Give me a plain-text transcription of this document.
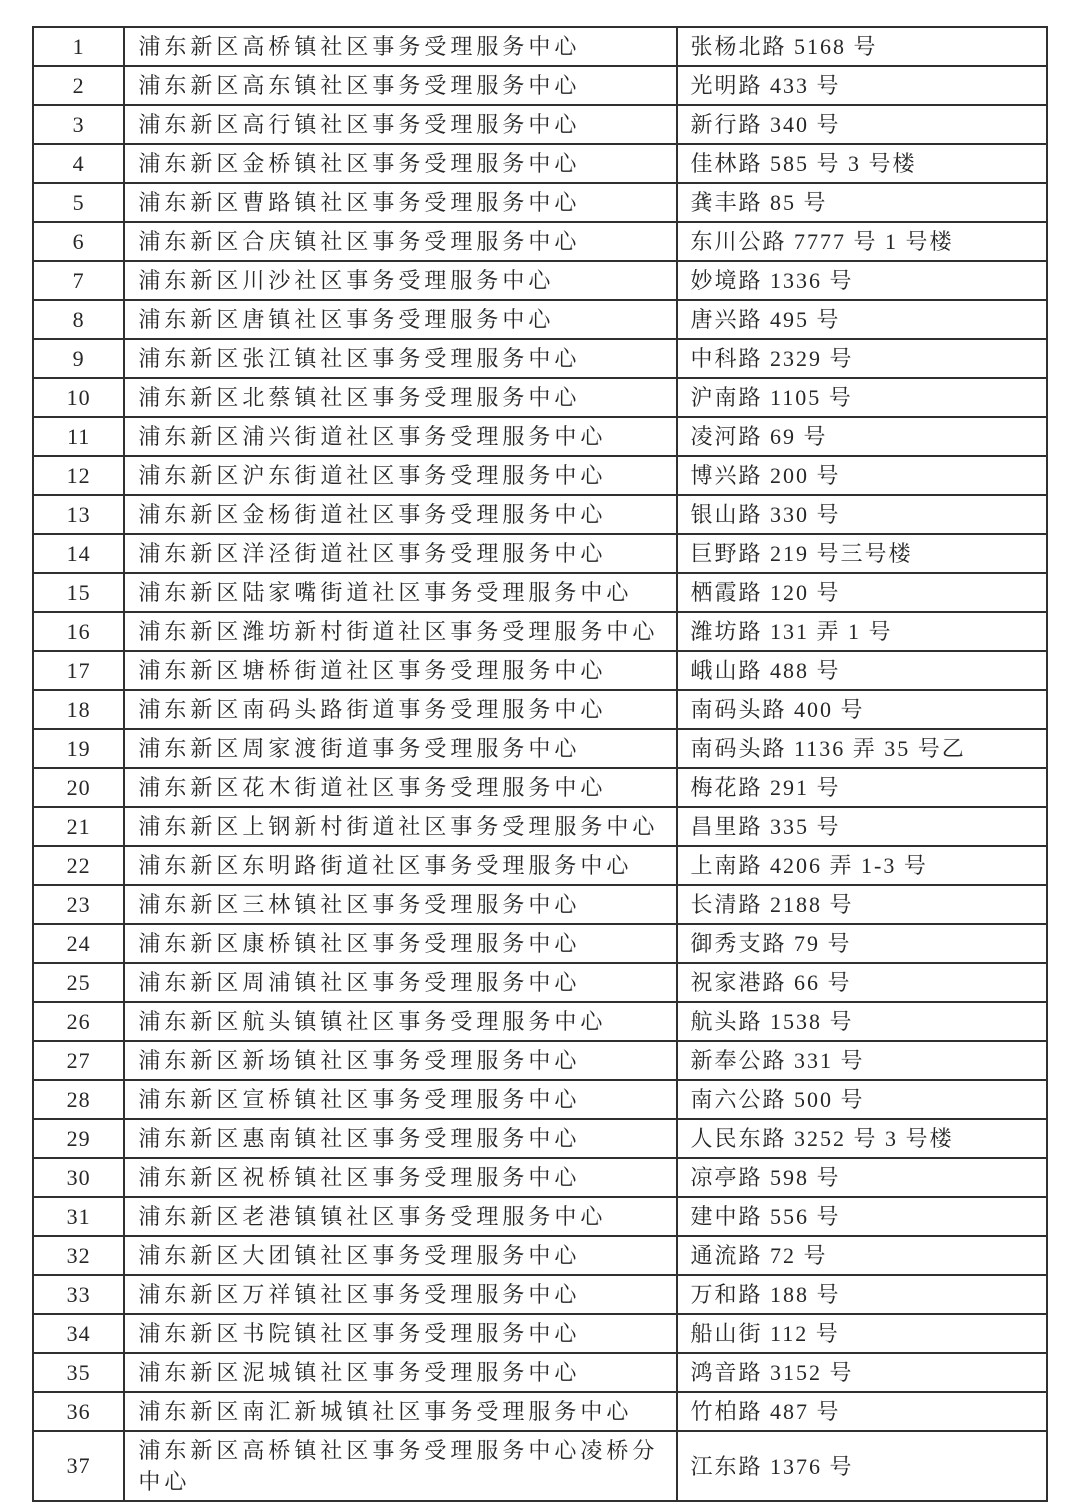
1	浦东新区高桥镇社区事务受理服务中心	张杨北路 5168 号
2	浦东新区高东镇社区事务受理服务中心	光明路 433 号
3	浦东新区高行镇社区事务受理服务中心	新行路 340 号
4	浦东新区金桥镇社区事务受理服务中心	佳林路 585 号 3 号楼
5	浦东新区曹路镇社区事务受理服务中心	龚丰路 85 号
6	浦东新区合庆镇社区事务受理服务中心	东川公路 7777 号 1 号楼
7	浦东新区川沙社区事务受理服务中心	妙境路 1336 号
8	浦东新区唐镇社区事务受理服务中心	唐兴路 495 号
9	浦东新区张江镇社区事务受理服务中心	中科路 2329 号
10	浦东新区北蔡镇社区事务受理服务中心	沪南路 1105 号
11	浦东新区浦兴街道社区事务受理服务中心	凌河路 69 号
12	浦东新区沪东街道社区事务受理服务中心	博兴路 200 号
13	浦东新区金杨街道社区事务受理服务中心	银山路 330 号
14	浦东新区洋泾街道社区事务受理服务中心	巨野路 219 号三号楼
15	浦东新区陆家嘴街道社区事务受理服务中心	栖霞路 120 号
16	浦东新区潍坊新村街道社区事务受理服务中心	潍坊路 131 弄 1 号
17	浦东新区塘桥街道社区事务受理服务中心	峨山路 488 号
18	浦东新区南码头路街道事务受理服务中心	南码头路 400 号
19	浦东新区周家渡街道事务受理服务中心	南码头路 1136 弄 35 号乙
20	浦东新区花木街道社区事务受理服务中心	梅花路 291 号
21	浦东新区上钢新村街道社区事务受理服务中心	昌里路 335 号
22	浦东新区东明路街道社区事务受理服务中心	上南路 4206 弄 1-3 号
23	浦东新区三林镇社区事务受理服务中心	长清路 2188 号
24	浦东新区康桥镇社区事务受理服务中心	御秀支路 79 号
25	浦东新区周浦镇社区事务受理服务中心	祝家港路 66 号
26	浦东新区航头镇镇社区事务受理服务中心	航头路 1538 号
27	浦东新区新场镇社区事务受理服务中心	新奉公路 331 号
28	浦东新区宣桥镇社区事务受理服务中心	南六公路 500 号
29	浦东新区惠南镇社区事务受理服务中心	人民东路 3252 号 3 号楼
30	浦东新区祝桥镇社区事务受理服务中心	凉亭路 598 号
31	浦东新区老港镇镇社区事务受理服务中心	建中路 556 号
32	浦东新区大团镇社区事务受理服务中心	通流路 72 号
33	浦东新区万祥镇社区事务受理服务中心	万和路 188 号
34	浦东新区书院镇社区事务受理服务中心	船山街 112 号
35	浦东新区泥城镇社区事务受理服务中心	鸿音路 3152 号
36	浦东新区南汇新城镇社区事务受理服务中心	竹柏路 487 号
37	浦东新区高桥镇社区事务受理服务中心凌桥分中心	江东路 1376 号
